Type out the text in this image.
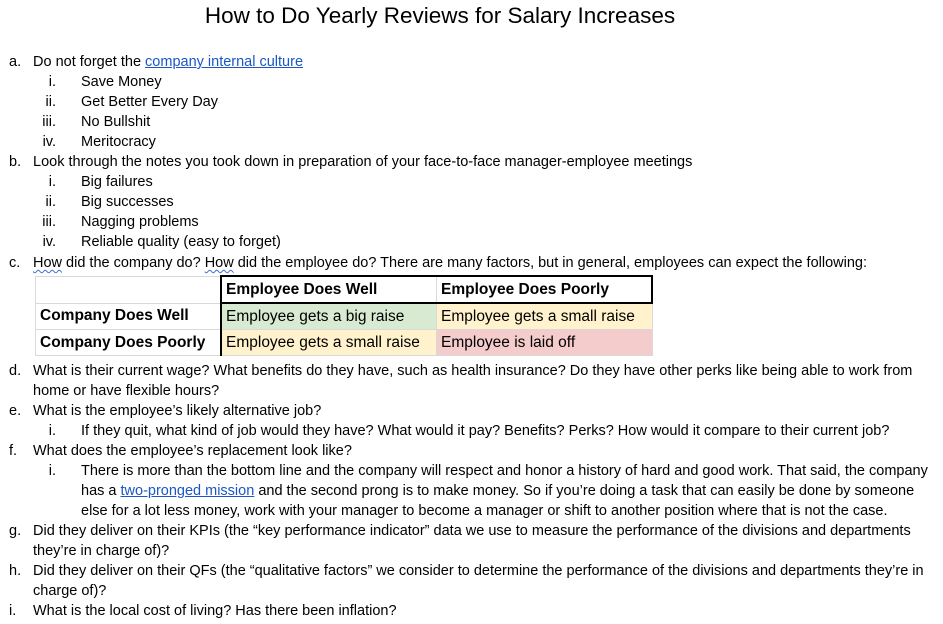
How to Do Yearly Reviews for Salary Increases
a. Do not forget the company internal culture
i. Save Money
ii. Get Better Every Day
iii. No Bullshit
iv. Meritocracy
b. Look through the notes you took down in preparation of your face-to-face manager-employee meetings
i. Big failures
ii. Big successes
iii. Nagging problems
iv. Reliable quality (easy to forget)
c. How did the company do? How did the employee do? There are many factors, but in general, employees can expect the following:
	Employee Does Well	Employee Does Poorly
Company Does Well	Employee gets a big raise	Employee gets a small raise
Company Does Poorly	Employee gets a small raise	Employee is laid off
d. What is their current wage? What benefits do they have, such as health insurance? Do they have other perks like being able to work from
home or have flexible hours?
e. What is the employee’s likely alternative job?
i. If they quit, what kind of job would they have? What would it pay? Benefits? Perks? How would it compare to their current job?
f. What does the employee’s replacement look like?
i. There is more than the bottom line and the company will respect and honor a history of hard and good work. That said, the company
has a two-pronged mission and the second prong is to make money. So if you’re doing a task that can easily be done by someone
else for a lot less money, work with your manager to become a manager or shift to another position where that is not the case.
g. Did they deliver on their KPIs (the “key performance indicator” data we use to measure the performance of the divisions and departments
they’re in charge of)?
h. Did they deliver on their QFs (the “qualitative factors” we consider to determine the performance of the divisions and departments they’re in
charge of)?
i. What is the local cost of living? Has there been inflation?
